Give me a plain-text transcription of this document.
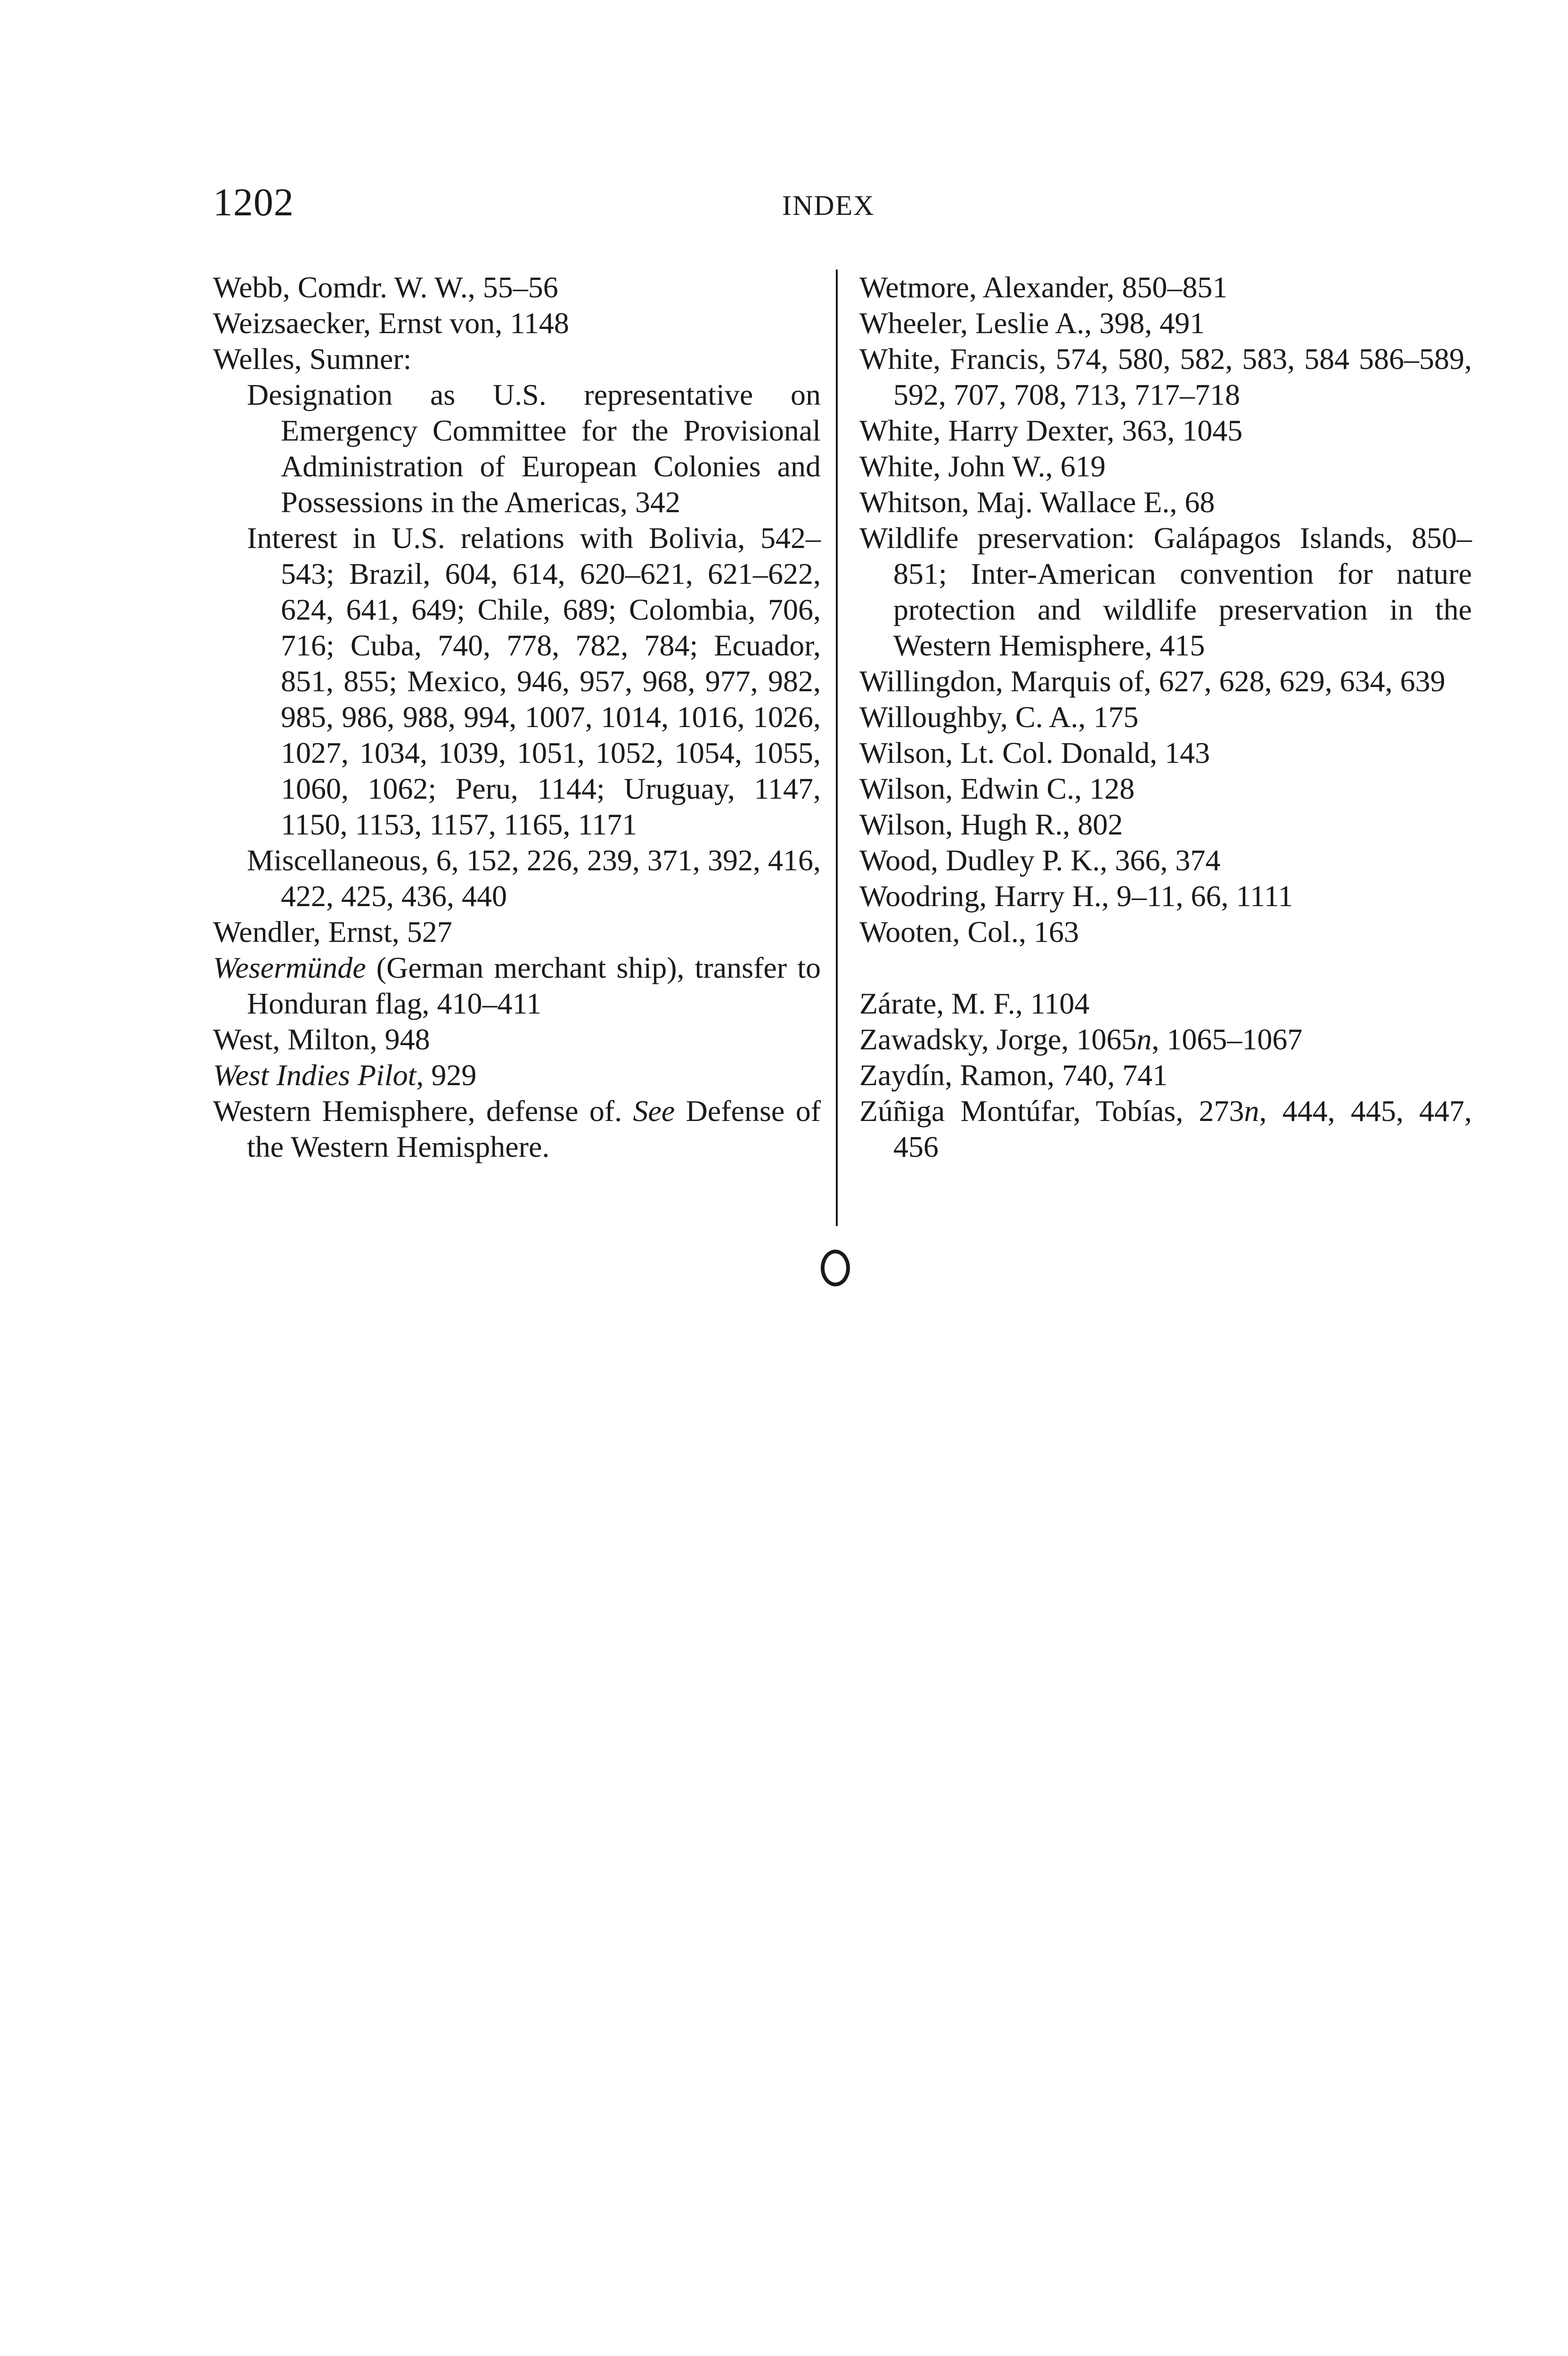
1202	INDEX
Webb, Comdr. W. W., 55–56
Weizsaecker, Ernst von, 1148
Welles, Sumner:
Designation as U.S. representative on Emergency Committee for the Provisional Administration of European Colonies and Possessions in the Americas, 342
Interest in U.S. relations with Bolivia, 542–543; Brazil, 604, 614, 620–621, 621–622, 624, 641, 649; Chile, 689; Colombia, 706, 716; Cuba, 740, 778, 782, 784; Ecuador, 851, 855; Mexico, 946, 957, 968, 977, 982, 985, 986, 988, 994, 1007, 1014, 1016, 1026, 1027, 1034, 1039, 1051, 1052, 1054, 1055, 1060, 1062; Peru, 1144; Uruguay, 1147, 1150, 1153, 1157, 1165, 1171
Miscellaneous, 6, 152, 226, 239, 371, 392, 416, 422, 425, 436, 440
Wendler, Ernst, 527
Wesermünde (German merchant ship), transfer to Honduran flag, 410–411
West, Milton, 948
West Indies Pilot, 929
Western Hemisphere, defense of. See Defense of the Western Hemisphere.
Wetmore, Alexander, 850–851
Wheeler, Leslie A., 398, 491
White, Francis, 574, 580, 582, 583, 584 586–589, 592, 707, 708, 713, 717–718
White, Harry Dexter, 363, 1045
White, John W., 619
Whitson, Maj. Wallace E., 68
Wildlife preservation: Galápagos Islands, 850–851; Inter-American convention for nature protection and wildlife preservation in the Western Hemisphere, 415
Willingdon, Marquis of, 627, 628, 629, 634, 639
Willoughby, C. A., 175
Wilson, Lt. Col. Donald, 143
Wilson, Edwin C., 128
Wilson, Hugh R., 802
Wood, Dudley P. K., 366, 374
Woodring, Harry H., 9–11, 66, 1111
Wooten, Col., 163
Zárate, M. F., 1104
Zawadsky, Jorge, 1065n, 1065–1067
Zaydín, Ramon, 740, 741
Zúñiga Montúfar, Tobías, 273n, 444, 445, 447, 456
